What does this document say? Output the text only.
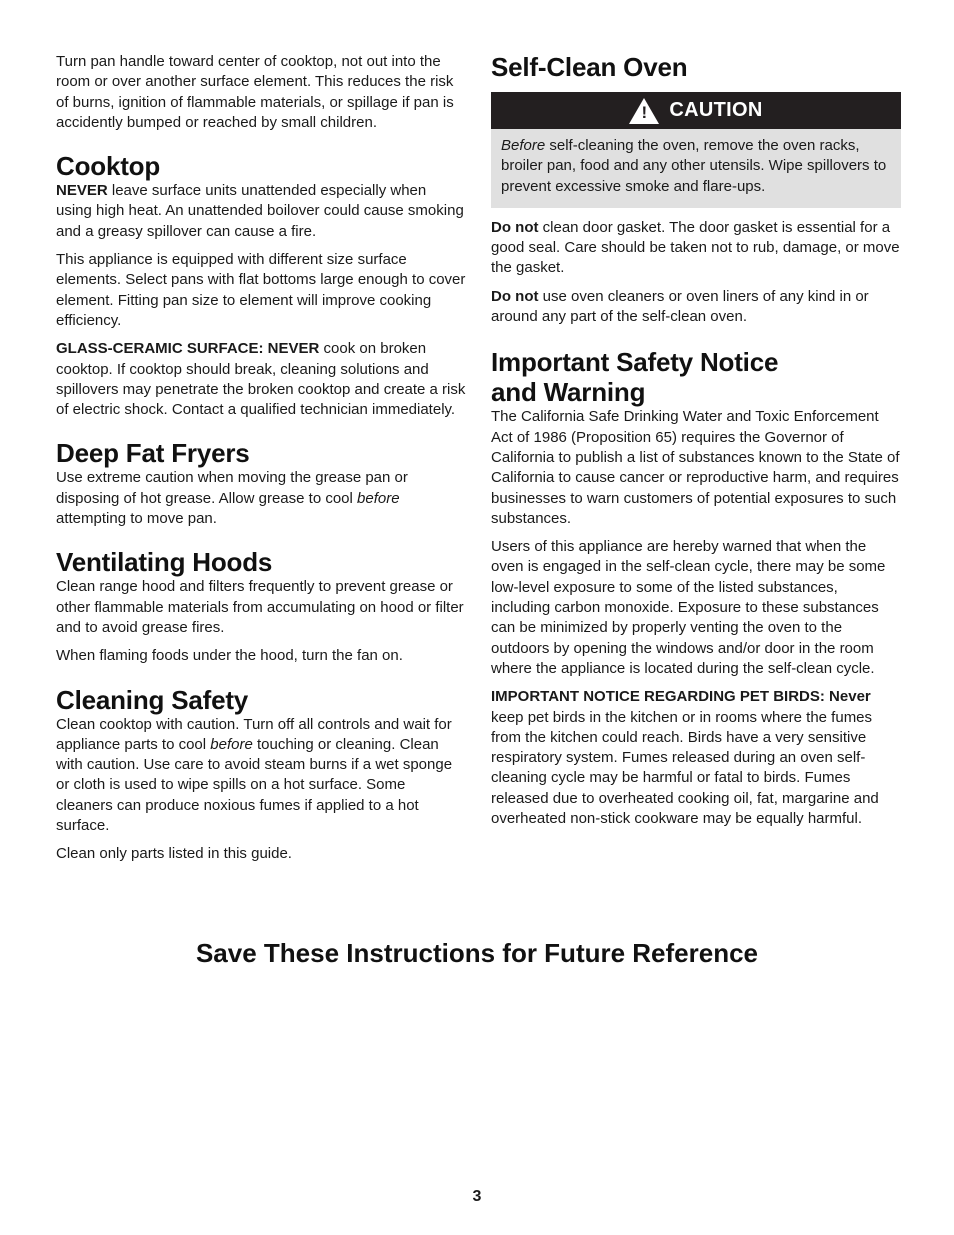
Turn pan handle toward center of cooktop, not out into the room or over another surface element. This reduces the risk of burns, ignition of flammable materials, or spillage if pan is accidently bumped or reached by small children.

Cooktop

NEVER leave surface units unattended especially when using high heat. An unattended boilover could cause smoking and a greasy spillover can cause a fire.

This appliance is equipped with different size surface elements. Select pans with flat bottoms large enough to cover element. Fitting pan size to element will improve cooking efficiency.

GLASS-CERAMIC SURFACE: NEVER cook on broken cooktop. If cooktop should break, cleaning solutions and spillovers may penetrate the broken cooktop and create a risk of electric shock. Contact a qualified technician immediately.

Deep Fat Fryers

Use extreme caution when moving the grease pan or disposing of hot grease. Allow grease to cool before attempting to move pan.

Ventilating Hoods

Clean range hood and filters frequently to prevent grease or other flammable materials from accumulating on hood or filter and to avoid grease fires.

When flaming foods under the hood, turn the fan on.

Cleaning Safety

Clean cooktop with caution. Turn off all controls and wait for appliance parts to cool before touching or cleaning. Clean with caution. Use care to avoid steam burns if a wet sponge or cloth is used to wipe spills on a hot surface. Some cleaners can produce noxious fumes if applied to a hot surface.

Clean only parts listed in this guide.

Self-Clean Oven
! CAUTION

Before self-cleaning the oven, remove the oven racks, broiler pan, food and any other utensils. Wipe spillovers to prevent excessive smoke and flare-ups.

Do not clean door gasket. The door gasket is essential for a good seal. Care should be taken not to rub, damage, or move the gasket.

Do not use oven cleaners or oven liners of any kind in or around any part of the self-clean oven.

Important Safety Notice
and Warning

The California Safe Drinking Water and Toxic Enforcement Act of 1986 (Proposition 65) requires the Governor of California to publish a list of substances known to the State of California to cause cancer or reproductive harm, and requires businesses to warn customers of potential exposures to such substances.

Users of this appliance are hereby warned that when the oven is engaged in the self-clean cycle, there may be some low-level exposure to some of the listed substances, including carbon monoxide. Exposure to these substances can be minimized by properly venting the oven to the outdoors by opening the windows and/or door in the room where the appliance is located during the self-clean cycle.

IMPORTANT NOTICE REGARDING PET BIRDS: Never keep pet birds in the kitchen or in rooms where the fumes from the kitchen could reach. Birds have a very sensitive respiratory system. Fumes released during an oven self-cleaning cycle may be harmful or fatal to birds. Fumes released due to overheated cooking oil, fat, margarine and overheated non-stick cookware may be equally harmful.

Save These Instructions for Future Reference
3
